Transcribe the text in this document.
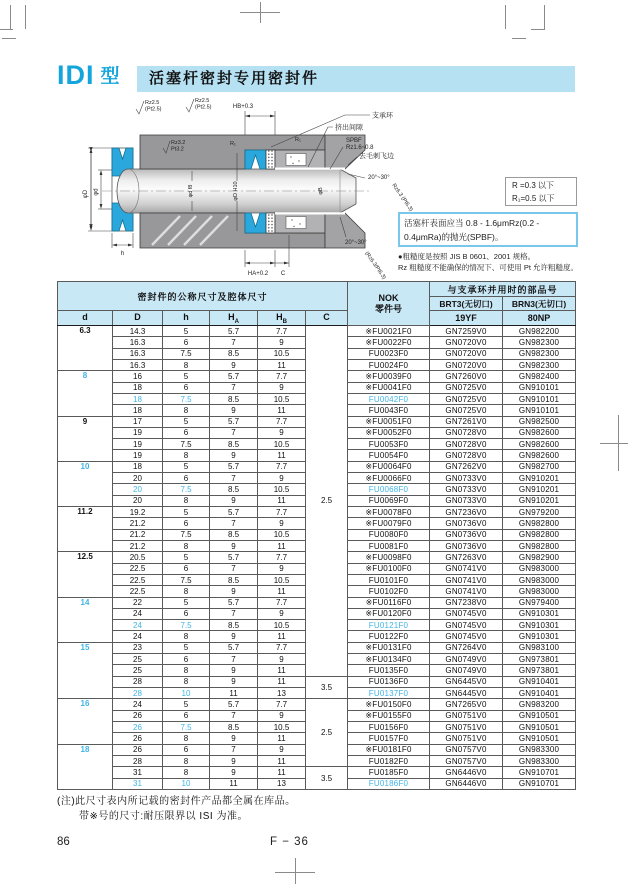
IDI 型	活塞杆密封专用密封件
φD φd
h
HB+0.3
Rz2.5
(Pt2.5)
Rz2.5
(Pt2.5)
Rz3.2
Pt3.2
R₁
R₁
支承环
挤出间隙
SPBF
Rz1.6~0.8
去毛刺飞边
20°~30°
Rz6.3 (Pt6.3)
20°~30°
(Rz6.3/Pt6.3)
φd f8	φD H10	φB
HA+0.2 C
R =0.3 以下
R₁=0.5 以下
活塞杆表面应当 0.8 - 1.6μmRz(0.2 - 0.4μmRa)的抛光(SPBF)。
●粗糙度是按照 JIS B 0601、2001 规格。
Rz 粗糙度不能确保的情况下、可使用 Pt 允许粗糙度。
密封件的公称尺寸及腔体尺寸						NOK
零件号	与支承环并用时的部品号	
							BRT3(无切口)	BRN3(无切口)
d	D	h	$H_A$	$H_B$	C		19YF	80NP
6.3	14.3	5	5.7	7.7	2.5	※FU0021F0	GN7259V0	GN982200
	16.3	6	7	9		※FU0022F0	GN0720V0	GN982300
	16.3	7.5	8.5	10.5		FU0023F0	GN0720V0	GN982300
	16.3	8	9	11		FU0024F0	GN0720V0	GN982300
8	16	5	5.7	7.7		※FU0039F0	GN7260V0	GN982400
	18	6	7	9		※FU0041F0	GN0725V0	GN910101
	18	7.5	8.5	10.5		FU0042F0	GN0725V0	GN910101
	18	8	9	11		FU0043F0	GN0725V0	GN910101
9	17	5	5.7	7.7		※FU0051F0	GN7261V0	GN982500
	19	6	7	9		※FU0052F0	GN0728V0	GN982600
	19	7.5	8.5	10.5		FU0053F0	GN0728V0	GN982600
	19	8	9	11		FU0054F0	GN0728V0	GN982600
10	18	5	5.7	7.7		※FU0064F0	GN7262V0	GN982700
	20	6	7	9		※FU0066F0	GN0733V0	GN910201
	20	7.5	8.5	10.5		FU0068F0	GN0733V0	GN910201
	20	8	9	11		FU0069F0	GN0733V0	GN910201
11.2	19.2	5	5.7	7.7		※FU0078F0	GN7236V0	GN979200
	21.2	6	7	9		※FU0079F0	GN0736V0	GN982800
	21.2	7.5	8.5	10.5		FU0080F0	GN0736V0	GN982800
	21.2	8	9	11		FU0081F0	GN0736V0	GN982800
12.5	20.5	5	5.7	7.7		※FU0098F0	GN7263V0	GN982900
	22.5	6	7	9		※FU0100F0	GN0741V0	GN983000
	22.5	7.5	8.5	10.5		FU0101F0	GN0741V0	GN983000
	22.5	8	9	11		FU0102F0	GN0741V0	GN983000
14	22	5	5.7	7.7		※FU0116F0	GN7238V0	GN979400
	24	6	7	9		※FU0120F0	GN0745V0	GN910301
	24	7.5	8.5	10.5		FU0121F0	GN0745V0	GN910301
	24	8	9	11		FU0122F0	GN0745V0	GN910301
15	23	5	5.7	7.7		※FU0131F0	GN7264V0	GN983100
	25	6	7	9		※FU0134F0	GN0749V0	GN973801
	25	8	9	11		FU0135F0	GN0749V0	GN973801
	28	8	9	11	3.5	FU0136F0	GN6445V0	GN910401
	28	10	11	13		FU0137F0	GN6445V0	GN910401
16	24	5	5.7	7.7	2.5	※FU0150F0	GN7265V0	GN983200
	26	6	7	9		※FU0155F0	GN0751V0	GN910501
	26	7.5	8.5	10.5		FU0156F0	GN0751V0	GN910501
	26	8	9	11		FU0157F0	GN0751V0	GN910501
18	26	6	7	9		※FU0181F0	GN0757V0	GN983300
	28	8	9	11		FU0182F0	GN0757V0	GN983300
	31	8	9	11	3.5	FU0185F0	GN6446V0	GN910701
	31	10	11	13		FU0186F0	GN6446V0	GN910701
(注)此尺寸表内所记载的密封件产品都全属在库品。
带※号的尺寸:耐压限界以 ISI 为准。
86	F − 36
